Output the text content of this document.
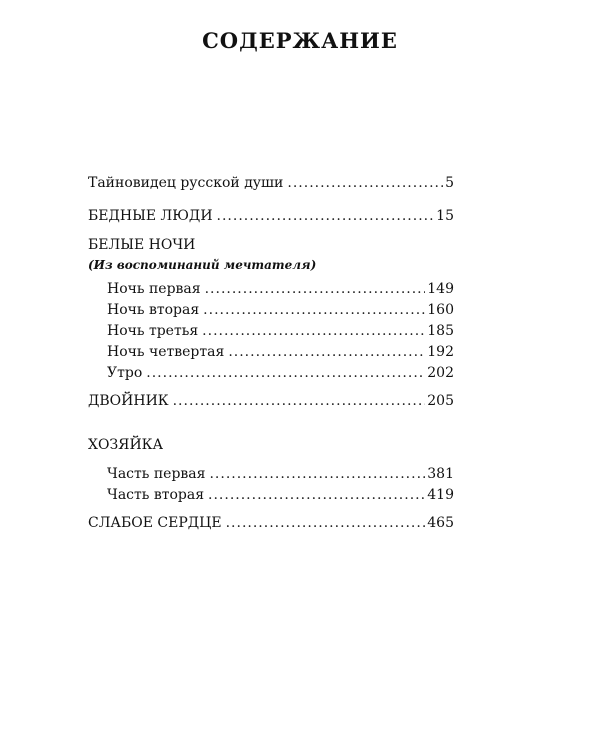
СОДЕРЖАНИЕ
Тайновидец русской души .....	5
БЕДНЫЕ ЛЮДИ .....	15
БЕЛЫЕ НОЧИ
(Из воспоминаний мечтателя)
Ночь первая .....	149
Ночь вторая .....	160
Ночь третья .....	185
Ночь четвертая .....	192
Утро .....	202
ДВОЙНИК .....	205
ХОЗЯЙКА
Часть первая .....	381
Часть вторая .....	419
СЛАБОЕ СЕРДЦЕ .....	465
